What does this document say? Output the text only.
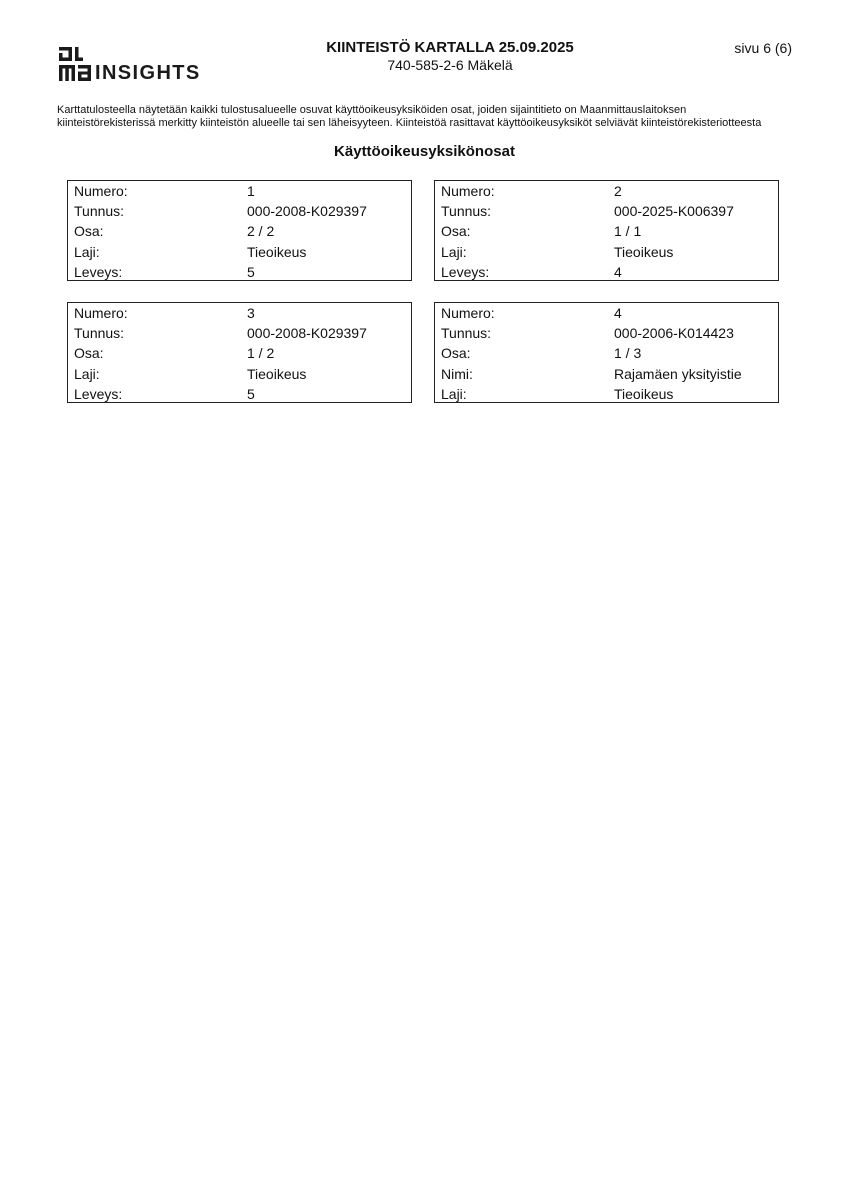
INSIGHTS
KIINTEISTÖ KARTALLA 25.09.2025
740-585-2-6 Mäkelä
sivu 6 (6)
Karttatulosteella näytetään kaikki tulostusalueelle osuvat käyttöoikeusyksiköiden osat, joiden sijaintitieto on Maanmittauslaitoksen
kiinteistörekisterissä merkitty kiinteistön alueelle tai sen läheisyyteen. Kiinteistöä rasittavat käyttöoikeusyksiköt selviävät kiinteistörekisteriotteesta
Käyttöoikeusyksikönosat
Numero:	1
Tunnus:	000-2008-K029397
Osa:	2 / 2
Laji:	Tieoikeus
Leveys:	5
Numero:	2
Tunnus:	000-2025-K006397
Osa:	1 / 1
Laji:	Tieoikeus
Leveys:	4
Numero:	3
Tunnus:	000-2008-K029397
Osa:	1 / 2
Laji:	Tieoikeus
Leveys:	5
Numero:	4
Tunnus:	000-2006-K014423
Osa:	1 / 3
Nimi:	Rajamäen yksityistie
Laji:	Tieoikeus
